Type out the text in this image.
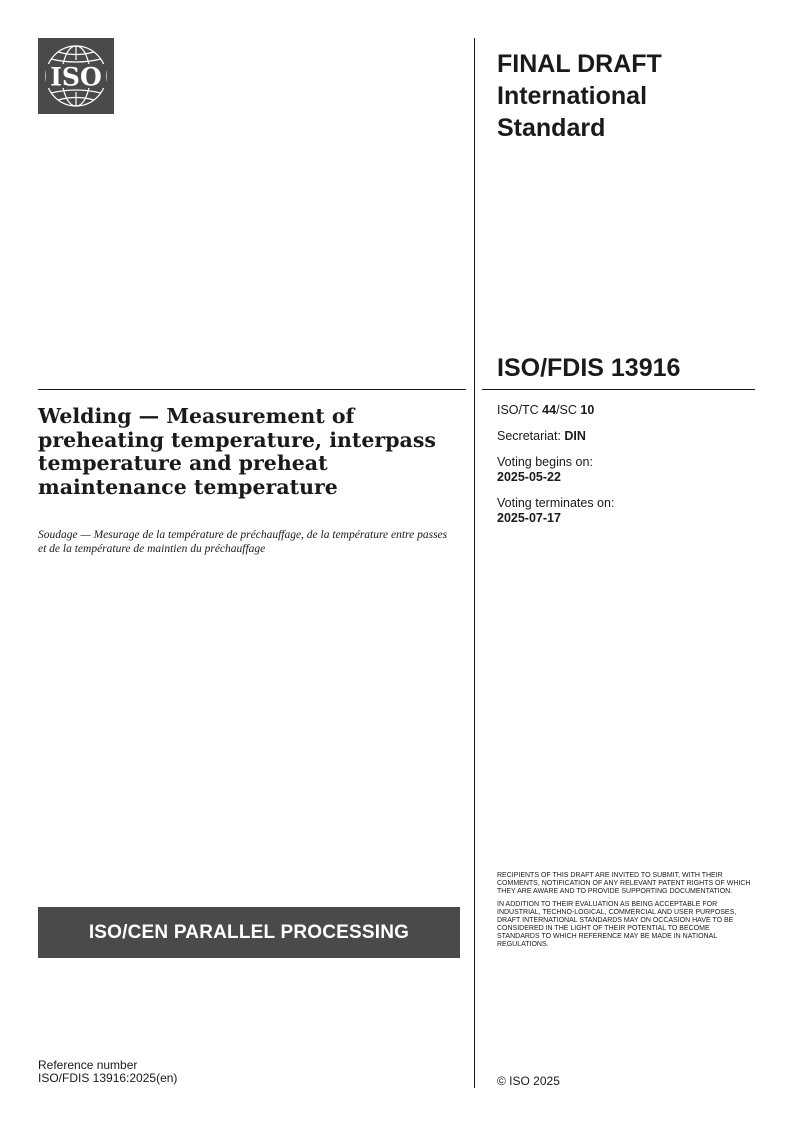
ISO	FINAL DRAFT
International
Standard
ISO/FDIS 13916
Welding — Measurement of preheating temperature, interpass temperature and preheat maintenance temperature
Soudage — Mesurage de la température de préchauffage, de la température entre passes et de la température de maintien du préchauffage
ISO/TC 44/SC 10
Secretariat: DIN
Voting begins on:
2025-05-22
Voting terminates on:
2025-07-17
ISO/CEN PARALLEL PROCESSING

RECIPIENTS OF THIS DRAFT ARE INVITED TO SUBMIT, WITH THEIR COMMENTS, NOTIFICATION OF ANY RELEVANT PATENT RIGHTS OF WHICH THEY ARE AWARE AND TO PROVIDE SUPPORTING DOCUMENTATION.

IN ADDITION TO THEIR EVALUATION AS BEING ACCEPTABLE FOR INDUSTRIAL, TECHNO-LOGICAL, COMMERCIAL AND USER PURPOSES, DRAFT INTERNATIONAL STANDARDS MAY ON OCCASION HAVE TO BE CONSIDERED IN THE LIGHT OF THEIR POTENTIAL TO BECOME STANDARDS TO WHICH REFERENCE MAY BE MADE IN NATIONAL REGULATIONS.

Reference number
ISO/FDIS 13916:2025(en)	© ISO 2025
